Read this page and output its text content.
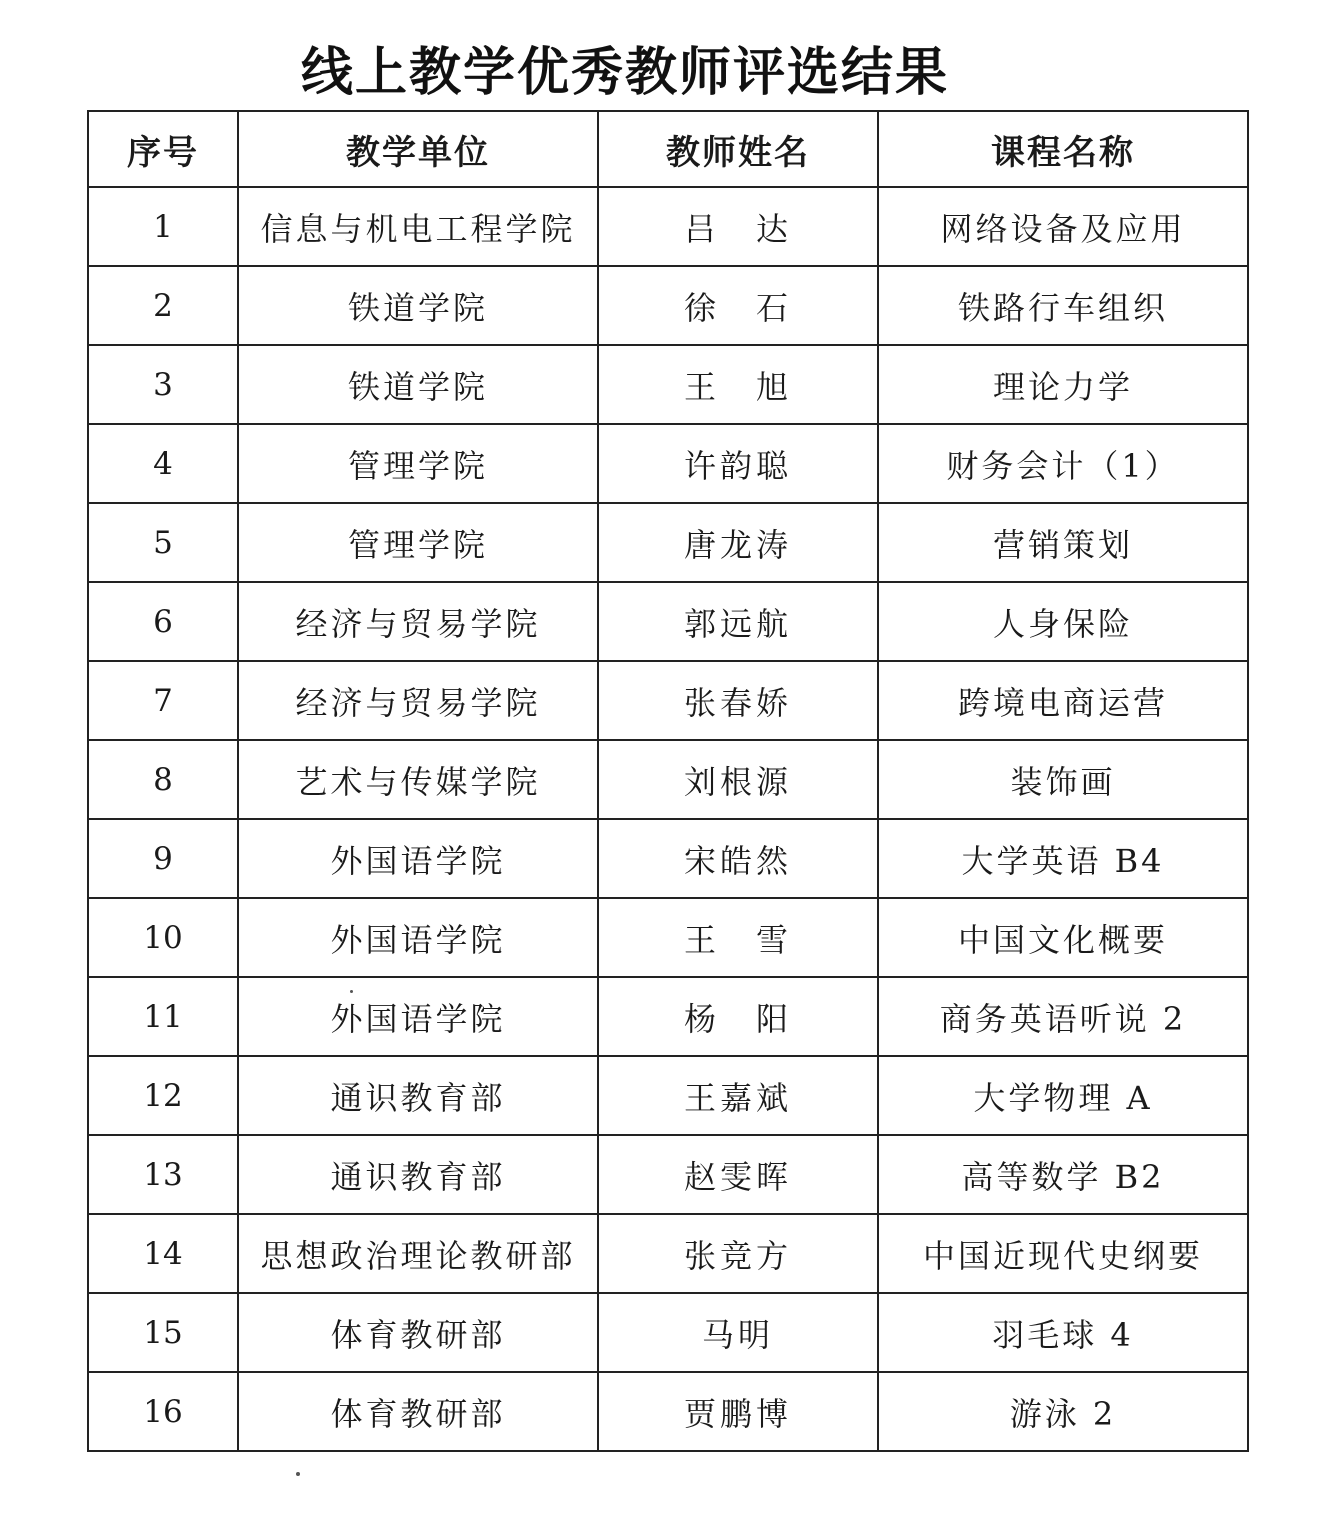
线上教学优秀教师评选结果
序号	教学单位	教师姓名	课程名称
1	信息与机电工程学院	吕　达	网络设备及应用
2	铁道学院	徐　石	铁路行车组织
3	铁道学院	王　旭	理论力学
4	管理学院	许韵聪	财务会计（1）
5	管理学院	唐龙涛	营销策划
6	经济与贸易学院	郭远航	人身保险
7	经济与贸易学院	张春娇	跨境电商运营
8	艺术与传媒学院	刘根源	装饰画
9	外国语学院	宋皓然	大学英语 B4
10	外国语学院	王　雪	中国文化概要
11	外国语学院	杨　阳	商务英语听说 2
12	通识教育部	王嘉斌	大学物理 A
13	通识教育部	赵雯晖	高等数学 B2
14	思想政治理论教研部	张竞方	中国近现代史纲要
15	体育教研部	马明	羽毛球 4
16	体育教研部	贾鹏博	游泳 2
